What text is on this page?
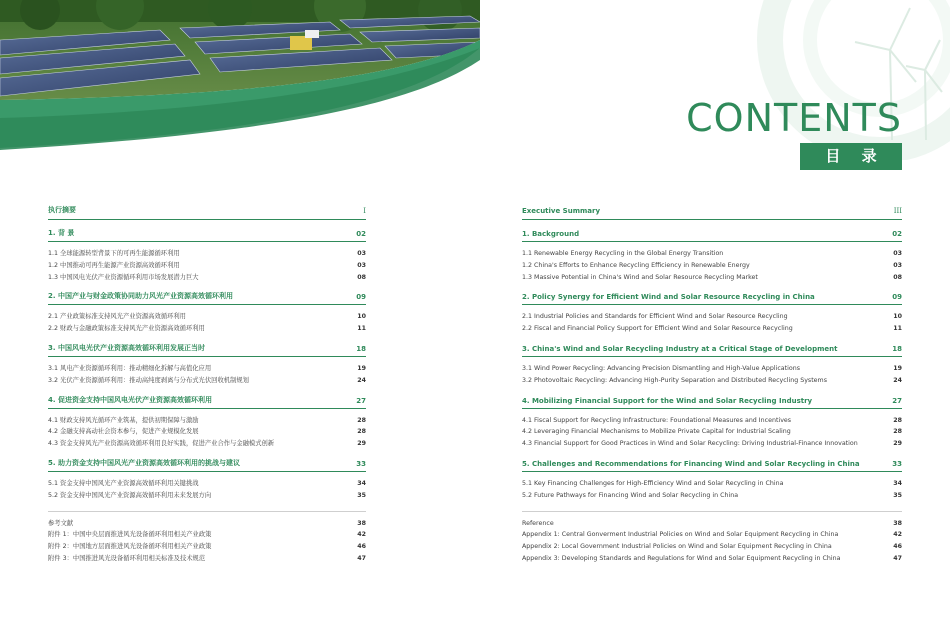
CONTENTS
目 录
执行摘要	I
1. 背 景	02
1.1 全球能源转型背景下的可再生能源循环利用	03
1.2 中国推动可再生能源产业资源高效循环利用	03
1.3 中国风电光伏产业资源循环利用市场发展潜力巨大	08
2. 中国产业与财金政策协同助力风光产业资源高效循环利用	09
2.1 产业政策标准支持风光产业资源高效循环利用	10
2.2 财政与金融政策标准支持风光产业资源高效循环利用	11
3. 中国风电光伏产业资源高效循环利用发展正当时	18
3.1 风电产业资源循环利用：推动精细化拆解与高值化应用	19
3.2 光伏产业资源循环利用：推动高纯度剥离与分布式光伏回收机制规划	24
4. 促进资金支持中国风电光伏产业资源高效循环利用	27
4.1 财政支持风光循环产业筑基，提供初期保障与激励	28
4.2 金融支持高动社会资本参与，促进产业规模化发展	28
4.3 资金支持风光产业资源高效循环利用良好实践，促进产业合作与金融模式创新	29
5. 助力资金支持中国风光产业资源高效循环利用的挑战与建议	33
5.1 资金支持中国风光产业资源高效循环利用关键挑战	34
5.2 资金支持中国风光产业资源高效循环利用未来发展方向	35
参考文献	38
附件 1：中国中央层面推进风光设备循环利用相关产业政策	42
附件 2：中国地方层面推进风光设备循环利用相关产业政策	46
附件 3：中国推进风光设备循环利用相关标准及技术规范	47
Executive Summary	III
1. Background	02
1.1 Renewable Energy Recycling in the Global Energy Transition	03
1.2 China's Efforts to Enhance Recycling Efficiency in Renewable Energy	03
1.3 Massive Potential in China's Wind and Solar Resource Recycling Market	08
2. Policy Synergy for Efficient Wind and Solar Resource Recycling in China	09
2.1 Industrial Policies and Standards for Efficient Wind and Solar Resource Recycling	10
2.2 Fiscal and Financial Policy Support for Efficient Wind and Solar Resource Recycling	11
3. China's Wind and Solar Recycling Industry at a Critical Stage of Development	18
3.1 Wind Power Recycling: Advancing Precision Dismantling and High-Value Applications	19
3.2 Photovoltaic Recycling: Advancing High-Purity Separation and Distributed Recycling Systems	24
4. Mobilizing Financial Support for the Wind and Solar Recycling Industry	27
4.1 Fiscal Support for Recycling Infrastructure: Foundational Measures and Incentives	28
4.2 Leveraging Financial Mechanisms to Mobilize Private Capital for Industrial Scaling	28
4.3 Financial Support for Good Practices in Wind and Solar Recycling: Driving Industrial-Finance Innovation	29
5. Challenges and Recommendations for Financing Wind and Solar Recycling in China	33
5.1 Key Financing Challenges for High-Efficiency Wind and Solar Recycling in China	34
5.2 Future Pathways for Financing Wind and Solar Recycling in China	35
Reference	38
Appendix 1: Central Gonverment Industrial Policies on Wind and Solar Equipment Recycling in China	42
Appendix 2: Local Government Industrial Policies on Wind and Solar Equipment Recycling in China	46
Appendix 3: Developing Standards and Regulations for Wind and Solar Equipment Recycling in China	47
